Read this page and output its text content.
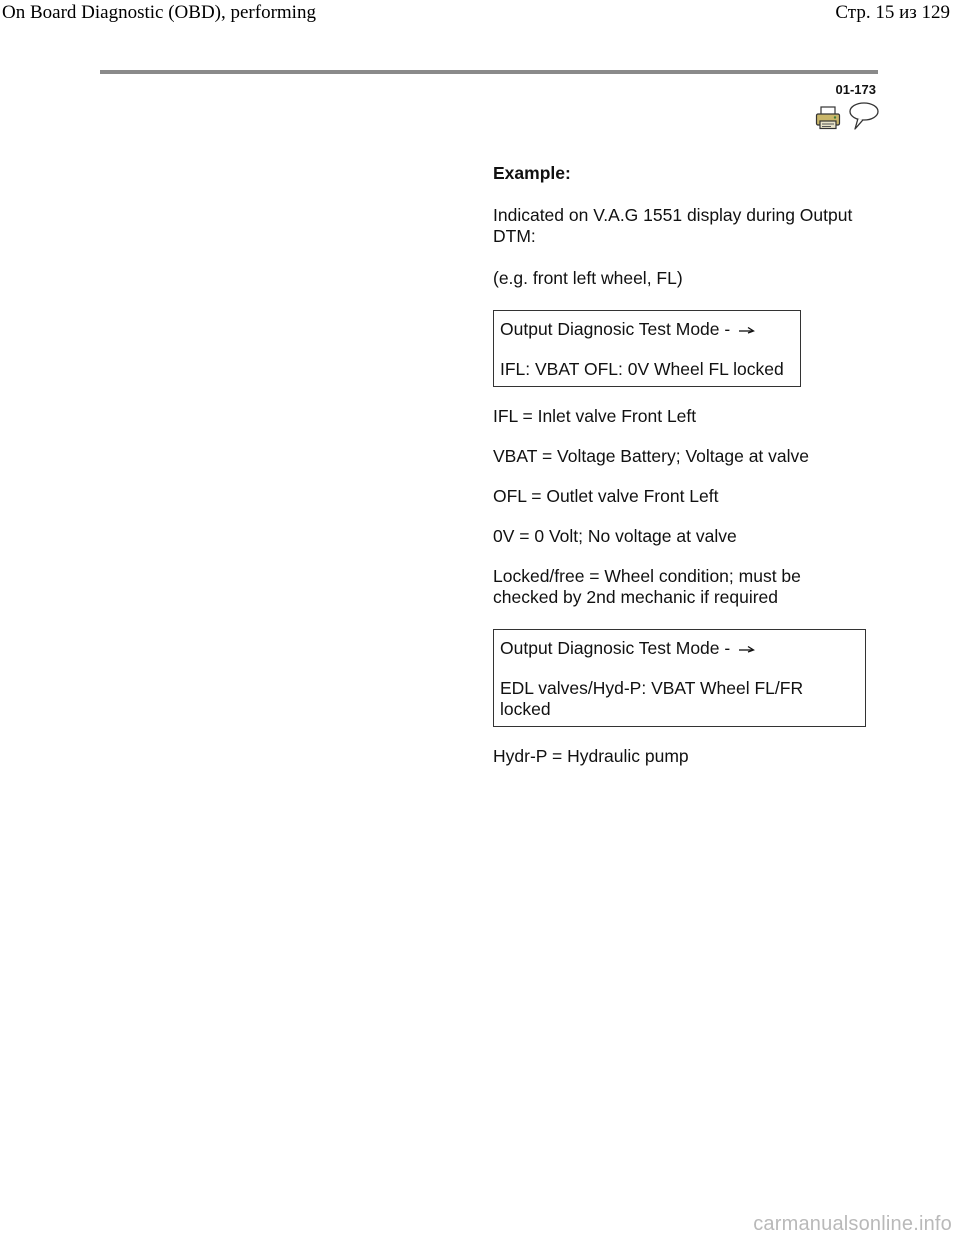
On Board Diagnostic (OBD), performing	Стр. 15 из 129
01-173

Example:

Indicated on V.A.G 1551 display during Output DTM:

(e.g. front left wheel, FL)

Output Diagnosic Test Mode -
IFL: VBAT OFL: 0V Wheel FL locked

IFL = Inlet valve Front Left

VBAT = Voltage Battery; Voltage at valve

OFL = Outlet valve Front Left

0V = 0 Volt; No voltage at valve

Locked/free = Wheel condition; must be checked by 2nd mechanic if required

Output Diagnosic Test Mode -
EDL valves/Hyd-P: VBAT Wheel FL/FR locked

Hydr-P = Hydraulic pump

carmanualsonline.info
